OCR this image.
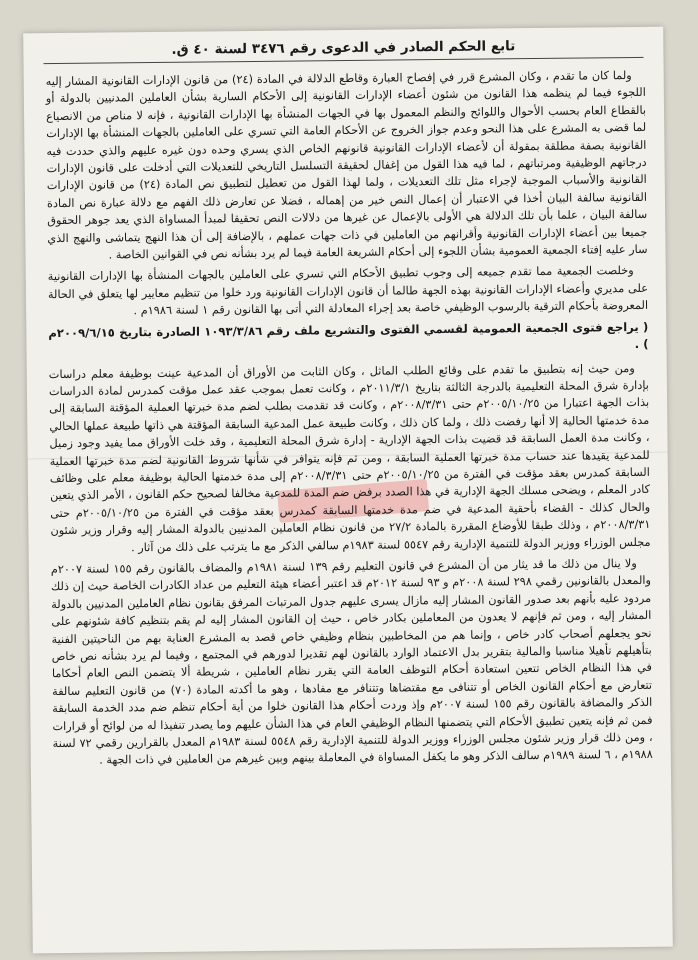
تابع الحكم الصادر في الدعوى رقم ٣٤٧٦ لسنة ٤٠ ق.

ولما كان ما تقدم ، وكان المشرع قرر في إفصاح العبارة وقاطع الدلالة في المادة (٢٤) من قانون الإدارات القانونية المشار إليه اللجوء فيما لم ينظمه هذا القانون من شئون أعضاء الإدارات القانونية إلى الأحكام السارية بشأن العاملين المدنيين بالدولة أو بالقطاع العام بحسب الأحوال واللوائح والنظم المعمول بها في الجهات المنشأة بها الإدارات القانونية ، فإنه لا مناص من الانصياع لما قضى به المشرع على هذا النحو وعدم جواز الخروج عن الأحكام العامة التي تسري على العاملين بالجهات المنشأة بها الإدارات القانونية بصفة مطلقة بمقولة أن لأعضاء الإدارات القانونية قانونهم الخاص الذي يسري وحده دون غيره عليهم والذي حددت فيه درجاتهم الوظيفية ومرتباتهم ، لما فيه هذا القول من إغفال لحقيقة التسلسل التاريخي للتعديلات التي أدخلت على قانون الإدارات القانونية والأسباب الموجبة لإجراء مثل تلك التعديلات ، ولما لهذا القول من تعطيل لتطبيق نص المادة (٢٤) من قانون الإدارات القانونية سالفة البيان أخذا في الاعتبار أن إعمال النص خير من إهماله ، فضلا عن تعارض ذلك الفهم مع دلالة عبارة نص المادة سالفة البيان ، علما بأن تلك الدلالة هي الأولى بالإعمال عن غيرها من دلالات النص تحقيقا لمبدأ المساواة الذي يعد جوهر الحقوق جميعا بين أعضاء الإدارات القانونية وأقرانهم من العاملين في ذات جهات عملهم ، بالإضافة إلى أن هذا النهج يتماشى والنهج الذي سار عليه إفتاء الجمعية العمومية بشأن اللجوء إلى أحكام الشريعة العامة فيما لم يرد بشأنه نص في القوانين الخاصة .

وخلصت الجمعية مما تقدم جميعه إلى وجوب تطبيق الأحكام التي تسري على العاملين بالجهات المنشأة بها الإدارات القانونية على مديري وأعضاء الإدارات القانونية بهذه الجهة طالما أن قانون الإدارات القانونية ورد خلوا من تنظيم معايير لها يتعلق في الحالة المعروضة بأحكام الترقية بالرسوب الوظيفي خاصة بعد إجراء المعادلة التي أتى بها القانون رقم ١ لسنة ١٩٨٦م .

( يراجع فتوى الجمعية العمومية لقسمي الفتوى والتشريع ملف رقم ١٠٩٣/٣/٨٦ الصادرة بتاريخ ٢٠٠٩/٦/١٥م ) .

ومن حيث إنه بتطبيق ما تقدم على وقائع الطلب الماثل ، وكان الثابت من الأوراق أن المدعية عينت بوظيفة معلم دراسات بإدارة شرق المحلة التعليمية بالدرجة الثالثة بتاريخ ٢٠١١/٣/١م ، وكانت تعمل بموجب عقد عمل مؤقت كمدرس لمادة الدراسات بذات الجهة اعتبارا من ٢٠٠٥/١٠/٢٥م حتى ٢٠٠٨/٣/٣١م ، وكانت قد تقدمت بطلب لضم مدة خبرتها العملية المؤقتة السابقة إلى مدة خدمتها الحالية إلا أنها رفضت ذلك ، ولما كان ذلك ، وكانت طبيعة عمل المدعية السابقة المؤقتة هي ذاتها طبيعة عملها الحالي ، وكانت مدة العمل السابقة قد قضيت بذات الجهة الإدارية - إدارة شرق المحلة التعليمية ، وقد خلت الأوراق مما يفيد وجود زميل للمدعية يقيدها عند حساب مدة خبرتها العملية السابقة ، ومن ثم فإنه يتوافر في شأنها شروط القانونية لضم مدة خبرتها العملية السابقة كمدرس بعقد مؤقت في الفترة من ٢٠٠٥/١٠/٢٥م حتى ٢٠٠٨/٣/٣١م إلى مدة خدمتها الحالية بوظيفة معلم على وظائف كادر المعلم ، ويضحى مسلك الجهة الإدارية في هذا الصدد برفض ضم المدة للمدعية مخالفا لصحيح حكم القانون ، الأمر الذي يتعين والحال كذلك - القضاء بأحقية المدعية في ضم مدة خدمتها السابقة كمدرس بعقد مؤقت في الفترة من ٢٠٠٥/١٠/٢٥م حتى ٢٠٠٨/٣/٣١م ، وذلك طبقا للأوضاع المقررة بالمادة ٢٧/٢ من قانون نظام العاملين المدنيين بالدولة المشار إليه وقرار وزير شئون مجلس الوزراء ووزير الدولة للتنمية الإدارية رقم ٥٥٤٧ لسنة ١٩٨٣م سالفي الذكر مع ما يترتب على ذلك من آثار .

ولا ينال من ذلك ما قد يثار من أن المشرع في قانون التعليم رقم ١٣٩ لسنة ١٩٨١م والمضاف بالقانون رقم ١٥٥ لسنة ٢٠٠٧م والمعدل بالقانونين رقمي ٢٩٨ لسنة ٢٠٠٨م و ٩٣ لسنة ٢٠١٢م قد اعتبر أعضاء هيئة التعليم من عداد الكادرات الخاصة حيث إن ذلك مردود عليه بأنهم بعد صدور القانون المشار إليه مازال يسرى عليهم جدول المرتبات المرفق بقانون نظام العاملين المدنيين بالدولة المشار إليه ، ومن ثم فإنهم لا يعدون من المعاملين بكادر خاص ، حيث إن القانون المشار إليه لم يقم بتنظيم كافة شئونهم على نحو يجعلهم أصحاب كادر خاص ، وإنما هم من المخاطبين بنظام وظيفي خاص قصد به المشرع العناية بهم من الناحيتين الفنية بتأهيلهم تأهيلا مناسبا والمالية بتقرير بدل الاعتماد الوارد بالقانون لهم تقديرا لدورهم في المجتمع ، وفيما لم يرد بشأنه نص خاص في هذا النظام الخاص تتعين استعادة أحكام التوظف العامة التي يقرر نظام العاملين ، شريطة ألا يتضمن النص العام أحكاما تتعارض مع أحكام القانون الخاص أو تتنافى مع مقتضاها وتتنافر مع مفادها ، وهو ما أكدته المادة (٧٠) من قانون التعليم سالفة الذكر والمضافة بالقانون رقم ١٥٥ لسنة ٢٠٠٧م وإذ وردت أحكام هذا القانون خلوا من أية أحكام تنظم ضم مدد الخدمة السابقة فمن ثم فإنه يتعين تطبيق الأحكام التي يتضمنها النظام الوظيفي العام في هذا الشأن عليهم وما يصدر تنفيذا له من لوائح أو قرارات ، ومن ذلك قرار وزير شئون مجلس الوزراء ووزير الدولة للتنمية الإدارية رقم ٥٥٤٨ لسنة ١٩٨٣م المعدل بالقرارين رقمي ٧٢ لسنة ١٩٨٨م ، ٦ لسنة ١٩٨٩م سالف الذكر وهو ما يكفل المساواة في المعاملة بينهم وبين غيرهم من العاملين في ذات الجهة .
